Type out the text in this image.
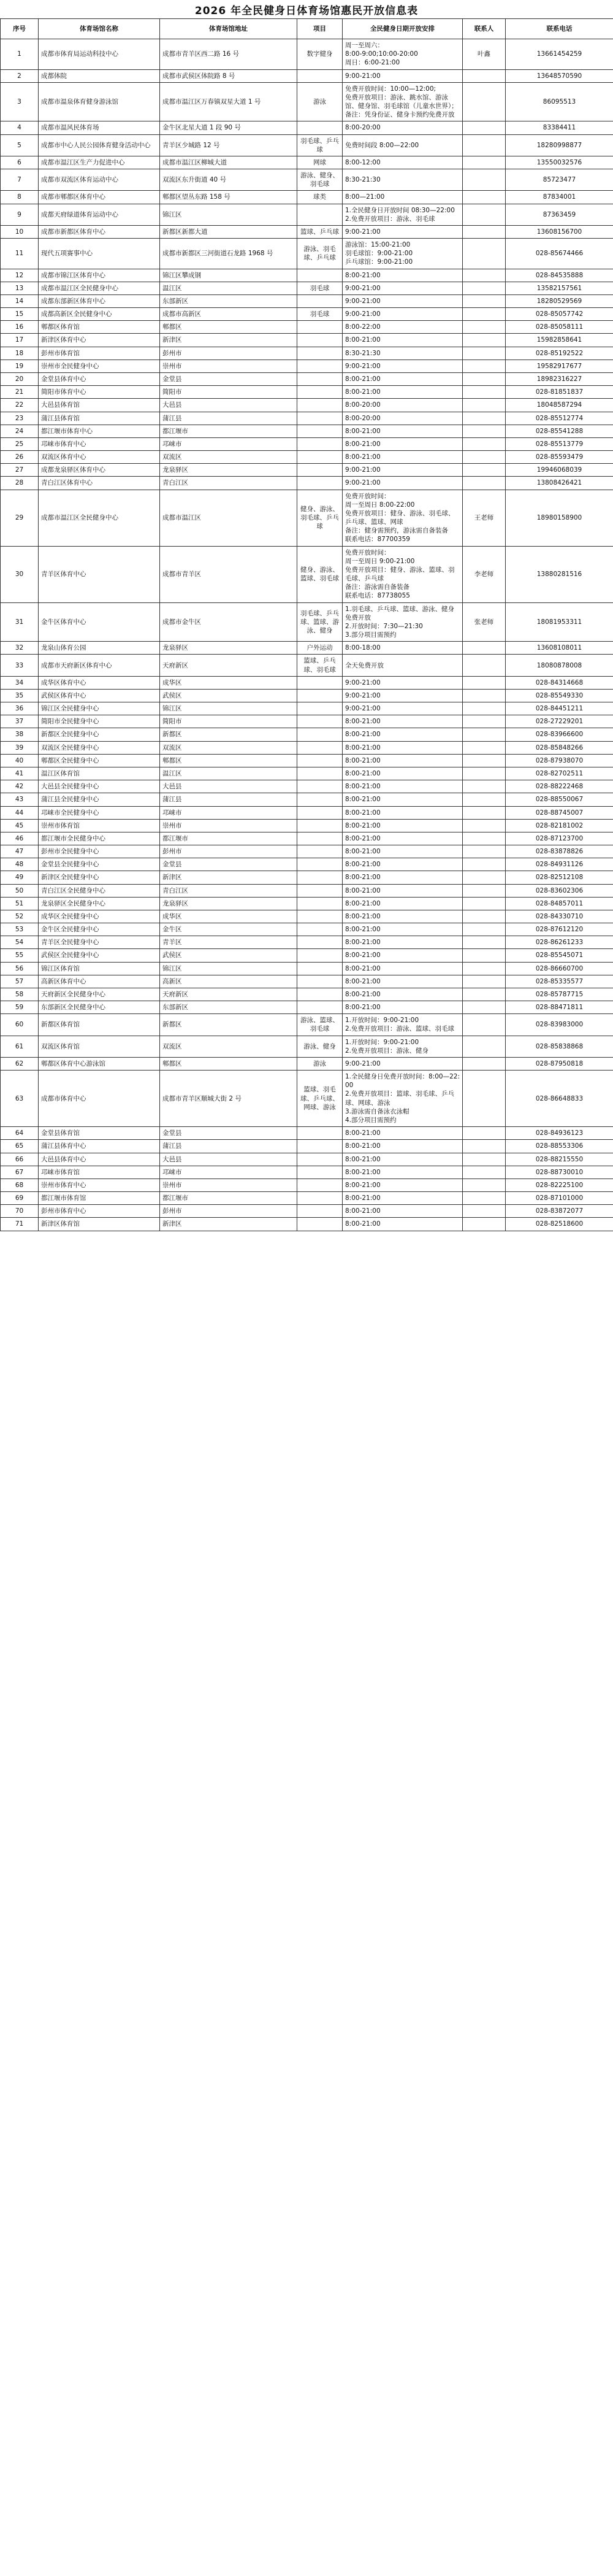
2026 年全民健身日体育场馆惠民开放信息表
序号	体育场馆名称	体育场馆地址	项目	全民健身日期开放安排	联系人	联系电话
1	成都市体育局运动科技中心	成都市青羊区西二路 16 号	数字健身	周一至周六：
8:00-9:00;10:00-20:00
周日：6:00-21:00	叶鑫	13661454259
2	成都体院	成都市武侯区体院路 8 号		9:00-21:00		13648570590
3	成都市温泉体育健身游泳馆	成都市温江区万春镇双星大道 1 号	游泳	免费开放时间：10:00—12:00;
免费开放项目：游泳、跳水馆、游泳馆、健身馆、羽毛球馆（儿童水世界）；
备注：凭身份证、健身卡预约免费开放		86095513
4	成都市温风民体育场	金牛区北星大道 1 段 90 号		8:00-20:00		83384411
5	成都市中心人民公园体育健身活动中心	青羊区少城路 12 号	羽毛球、乒乓球	免费时间段 8:00—22:00		18280998877
6	成都市温江区生产力促进中心	成都市温江区柳城大道	网球	8:00-12:00		13550032576
7	成都市双流区体育运动中心	双流区东升街道 40 号	游泳、健身、羽毛球	8:30-21:30		85723477
8	成都市郫都区体育中心	郫都区望丛东路 158 号	球类	8:00—21:00		87834001
9	成都天府绿道体育运动中心	锦江区		1.全民健身日开放时间 08:30—22:00
2.免费开放项目：游泳、羽毛球		87363459
10	成都市新都区体育中心	新都区新都大道	篮球、乒乓球	9:00-21:00		13608156700
11	现代五项赛事中心	成都市新都区三河街道石龙路 1968 号	游泳、羽毛球、乒乓球	游泳馆：15:00-21:00
羽毛球馆：9:00-21:00
乒乓球馆：9:00-21:00		028-85674466
12	成都市锦江区体育中心	锦江区攀成钢		8:00-21:00		028-84535888
13	成都市温江区全民健身中心	温江区	羽毛球	9:00-21:00		13582157561
14	成都东部新区体育中心	东部新区		9:00-21:00		18280529569
15	成都高新区全民健身中心	成都市高新区	羽毛球	9:00-21:00		028-85057742
16	郫都区体育馆	郫都区		8:00-22:00		028-85058111
17	新津区体育中心	新津区		8:00-21:00		15982858641
18	彭州市体育馆	彭州市		8:30-21:30		028-85192522
19	崇州市全民健身中心	崇州市		9:00-21:00		19582917677
20	金堂县体育中心	金堂县		8:00-21:00		18982316227
21	简阳市体育中心	简阳市		8:00-21:00		028-81851837
22	大邑县体育馆	大邑县		8:00-20:00		18048587294
23	蒲江县体育馆	蒲江县		8:00-20:00		028-85512774
24	都江堰市体育中心	都江堰市		8:00-21:00		028-85541288
25	邛崃市体育中心	邛崃市		8:00-21:00		028-85513779
26	双流区体育中心	双流区		8:00-21:00		028-85593479
27	成都龙泉驿区体育中心	龙泉驿区		9:00-21:00		19946068039
28	青白江区体育中心	青白江区		9:00-21:00		13808426421
29	成都市温江区全民健身中心	成都市温江区	健身、游泳、羽毛球、乒乓球	免费开放时间：
周一至周日 8:00-22:00
免费开放项目：健身、游泳、羽毛球、乒乓球、篮球、网球
备注：健身需预约，游泳需自备装备
联系电话：87700359	王老师	18980158900
30	青羊区体育中心	成都市青羊区	健身、游泳、篮球、羽毛球	免费开放时间：
周一至周日 9:00-21:00
免费开放项目：健身、游泳、篮球、羽毛球、乒乓球
备注：游泳需自备装备
联系电话：87738055	李老师	13880281516
31	金牛区体育中心	成都市金牛区	羽毛球、乒乓球、篮球、游泳、健身	1.羽毛球、乒乓球、篮球、游泳、健身免费开放
2.开放时间：7:30—21:30
3.部分项目需预约	张老师	18081953311
32	龙泉山体育公园	龙泉驿区	户外运动	8:00-18:00		13608108011
33	成都市天府新区体育中心	天府新区	篮球、乒乓球、羽毛球	全天免费开放		18080878008
34	成华区体育中心	成华区		9:00-21:00		028-84314668
35	武侯区体育中心	武侯区		9:00-21:00		028-85549330
36	锦江区全民健身中心	锦江区		9:00-21:00		028-84451211
37	简阳市全民健身中心	简阳市		8:00-21:00		028-27229201
38	新都区全民健身中心	新都区		8:00-21:00		028-83966600
39	双流区全民健身中心	双流区		8:00-21:00		028-85848266
40	郫都区全民健身中心	郫都区		8:00-21:00		028-87938070
41	温江区体育馆	温江区		8:00-21:00		028-82702511
42	大邑县全民健身中心	大邑县		8:00-21:00		028-88222468
43	蒲江县全民健身中心	蒲江县		8:00-21:00		028-88550067
44	邛崃市全民健身中心	邛崃市		8:00-21:00		028-88745007
45	崇州市体育馆	崇州市		8:00-21:00		028-82181002
46	都江堰市全民健身中心	都江堰市		8:00-21:00		028-87123700
47	彭州市全民健身中心	彭州市		8:00-21:00		028-83878826
48	金堂县全民健身中心	金堂县		8:00-21:00		028-84931126
49	新津区全民健身中心	新津区		8:00-21:00		028-82512108
50	青白江区全民健身中心	青白江区		8:00-21:00		028-83602306
51	龙泉驿区全民健身中心	龙泉驿区		8:00-21:00		028-84857011
52	成华区全民健身中心	成华区		8:00-21:00		028-84330710
53	金牛区全民健身中心	金牛区		8:00-21:00		028-87612120
54	青羊区全民健身中心	青羊区		8:00-21:00		028-86261233
55	武侯区全民健身中心	武侯区		8:00-21:00		028-85545071
56	锦江区体育馆	锦江区		8:00-21:00		028-86660700
57	高新区体育中心	高新区		8:00-21:00		028-85335577
58	天府新区全民健身中心	天府新区		8:00-21:00		028-85787715
59	东部新区全民健身中心	东部新区		8:00-21:00		028-88471811
60	新都区体育馆	新都区	游泳、篮球、羽毛球	1.开放时间：9:00-21:00
2.免费开放项目：游泳、篮球、羽毛球		028-83983000
61	双流区体育馆	双流区	游泳、健身	1.开放时间：9:00-21:00
2.免费开放项目：游泳、健身		028-85838868
62	郫都区体育中心游泳馆	郫都区	游泳	9:00-21:00		028-87950818
63	成都市体育中心	成都市青羊区顺城大街 2 号	篮球、羽毛球、乒乓球、网球、游泳	1.全民健身日免费开放时间：8:00—22:00
2.免费开放项目：篮球、羽毛球、乒乓球、网球、游泳
3.游泳需自备泳衣泳帽
4.部分项目需预约		028-86648833
64	金堂县体育馆	金堂县		8:00-21:00		028-84936123
65	蒲江县体育中心	蒲江县		8:00-21:00		028-88553306
66	大邑县体育中心	大邑县		8:00-21:00		028-88215550
67	邛崃市体育馆	邛崃市		8:00-21:00		028-88730010
68	崇州市体育中心	崇州市		8:00-21:00		028-82225100
69	都江堰市体育馆	都江堰市		8:00-21:00		028-87101000
70	彭州市体育中心	彭州市		8:00-21:00		028-83872077
71	新津区体育馆	新津区		8:00-21:00		028-82518600
